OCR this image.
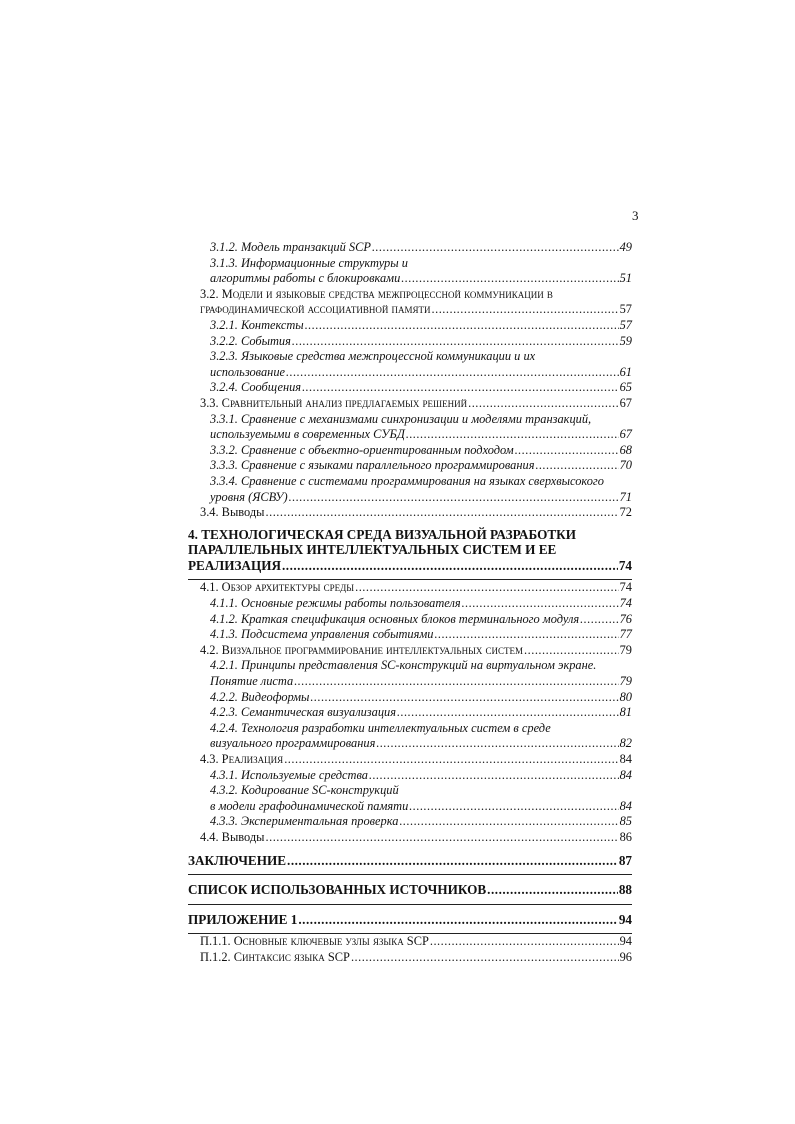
3
3.1.2. Модель транзакций SCP .....	49
3.1.3. Информационные структуры и
алгоритмы работы с блокировками .....	51
3.2. Модели и языковые средства межпроцессной коммуникации в
графодинамической ассоциативной памяти .....	57
3.2.1. Контексты .....	57
3.2.2. События .....	59
3.2.3. Языковые средства межпроцессной коммуникации и их
использование .....	61
3.2.4. Сообщения .....	65
3.3. Сравнительный анализ предлагаемых решений .....	67
3.3.1. Сравнение с механизмами синхронизации и моделями транзакций,
используемыми в современных СУБД .....	67
3.3.2. Сравнение с объектно-ориентированным подходом .....	68
3.3.3. Сравнение с языками параллельного программирования .....	70
3.3.4. Сравнение с системами программирования на языках сверхвысокого
уровня (ЯСВУ) .....	71
3.4. Выводы .....	72
4. ТЕХНОЛОГИЧЕСКАЯ СРЕДА ВИЗУАЛЬНОЙ РАЗРАБОТКИ
ПАРАЛЛЕЛЬНЫХ ИНТЕЛЛЕКТУАЛЬНЫХ СИСТЕМ И ЕЕ
РЕАЛИЗАЦИЯ .....	74
4.1. Обзор архитектуры среды .....	74
4.1.1. Основные режимы работы пользователя .....	74
4.1.2. Краткая спецификация основных блоков терминального модуля .....	76
4.1.3. Подсистема управления событиями .....	77
4.2. Визуальное программирование интеллектуальных систем .....	79
4.2.1. Принципы представления SC-конструкций на виртуальном экране.
Понятие листа .....	79
4.2.2. Видеоформы .....	80
4.2.3. Семантическая визуализация .....	81
4.2.4. Технология разработки интеллектуальных систем в среде
визуального программирования .....	82
4.3. Реализация .....	84
4.3.1. Используемые средства .....	84
4.3.2. Кодирование SC-конструкций
в модели графодинамической памяти .....	84
4.3.3. Экспериментальная проверка .....	85
4.4. Выводы .....	86
ЗАКЛЮЧЕНИЕ .....	87
СПИСОК ИСПОЛЬЗОВАННЫХ ИСТОЧНИКОВ .....	88
ПРИЛОЖЕНИЕ 1 .....	94
П.1.1. Основные ключевые узлы языка SCP .....	94
П.1.2. Синтаксис языка SCP .....	96
